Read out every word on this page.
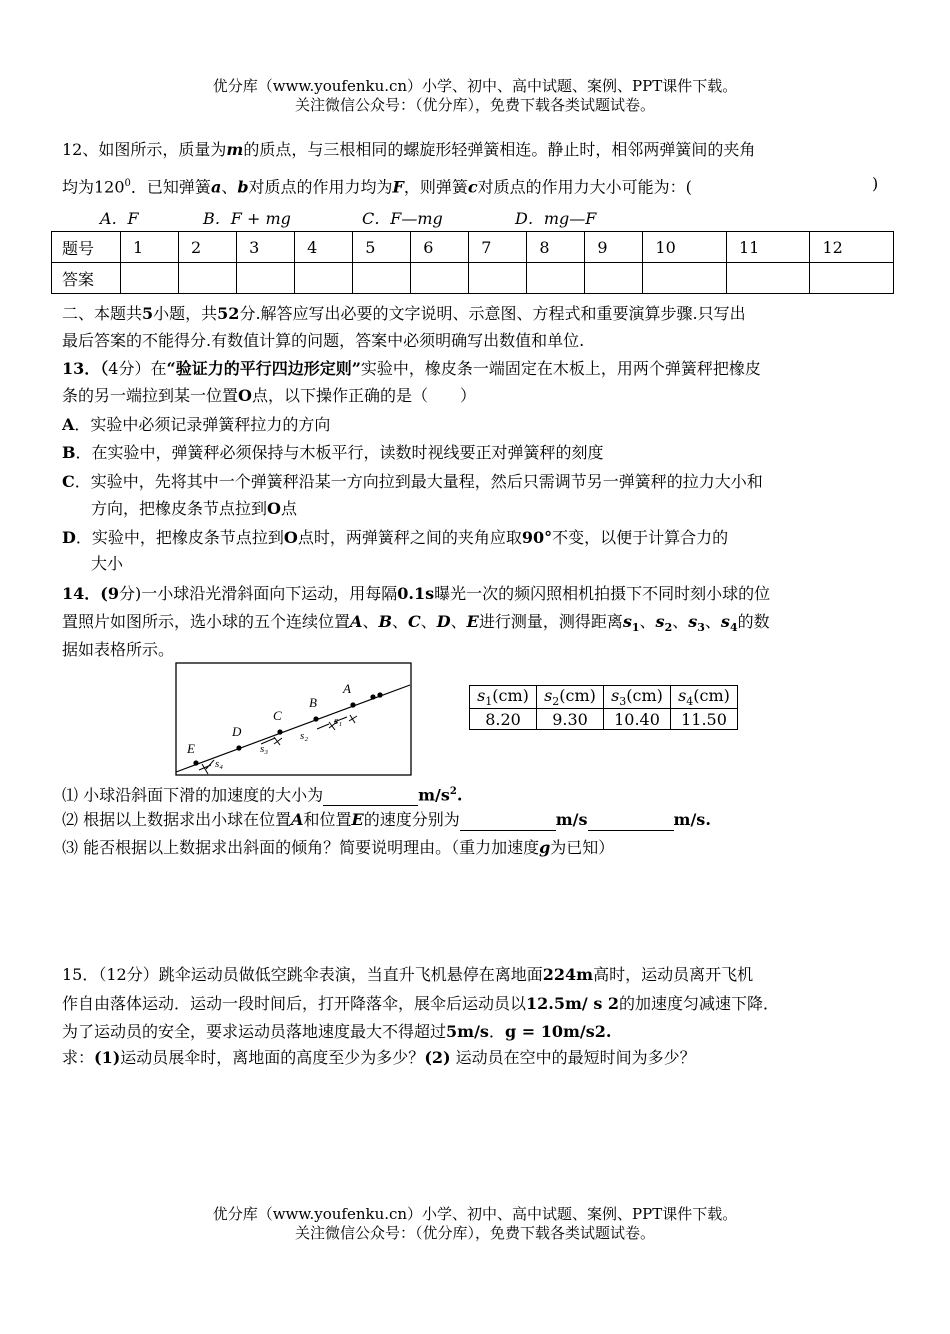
优分库（www.youfenku.cn）小学、初中、高中试题、案例、PPT课件下载。
关注微信公众号：（优分库），免费下载各类试题试卷。
12、如图所示，质量为m的质点，与三根相同的螺旋形轻弹簧相连。静止时，相邻两弹簧间的夹角
均为$120^0$．已知弹簧a、b对质点的作用力均为F，则弹簧c对质点的作用力大小可能为：(	)
A．F	B．F + mg	C．F—mg	D．mg—F
题号	1	2	3	4	5	6	7	8	9	10	11	12
答案												
二、本题共5小题，共52分.解答应写出必要的文字说明、示意图、方程式和重要演算步骤.只写出
最后答案的不能得分.有数值计算的问题，答案中必须明确写出数值和单位.
13．（4分）在“验证力的平行四边形定则”实验中，橡皮条一端固定在木板上，用两个弹簧秤把橡皮
条的另一端拉到某一位置O点，以下操作正确的是（　　）
A．实验中必须记录弹簧秤拉力的方向
B．在实验中，弹簧秤必须保持与木板平行，读数时视线要正对弹簧秤的刻度
C．实验中，先将其中一个弹簧秤沿某一方向拉到最大量程，然后只需调节另一弹簧秤的拉力大小和
方向，把橡皮条节点拉到O点
D．实验中，把橡皮条节点拉到O点时，两弹簧秤之间的夹角应取90°不变，以便于计算合力的
大小
14．(9分)一小球沿光滑斜面向下运动，用每隔0.1s曝光一次的频闪照相机拍摄下不同时刻小球的位
置照片如图所示，选小球的五个连续位置A、B、C、D、E进行测量，测得距离$s_1$、$s_2$、$s_3$、$s_4$的数
据如表格所示。
A
B
C
D
E
s₁
s₂
s₃
s₄
$s_1(cm)$	$s_2(cm)$	$s_3(cm)$	$s_4(cm)$
8.20	9.30	10.40	11.50
⑴ 小球沿斜面下滑的加速度的大小为	$m/s^2$.
⑵ 根据以上数据求出小球在位置A和位置E的速度分别为	m/s	m/s.
⑶ 能否根据以上数据求出斜面的倾角？简要说明理由。（重力加速度g为已知）
15．（12分）跳伞运动员做低空跳伞表演，当直升飞机悬停在离地面224m高时，运动员离开飞机
作自由落体运动．运动一段时间后，打开降落伞，展伞后运动员以12.5m/ s 2的加速度匀减速下降．
为了运动员的安全，要求运动员落地速度最大不得超过5m/s．g = 10m/s2.
求：(1)运动员展伞时，离地面的高度至少为多少？(2) 运动员在空中的最短时间为多少？
优分库（www.youfenku.cn）小学、初中、高中试题、案例、PPT课件下载。
关注微信公众号：（优分库），免费下载各类试题试卷。
